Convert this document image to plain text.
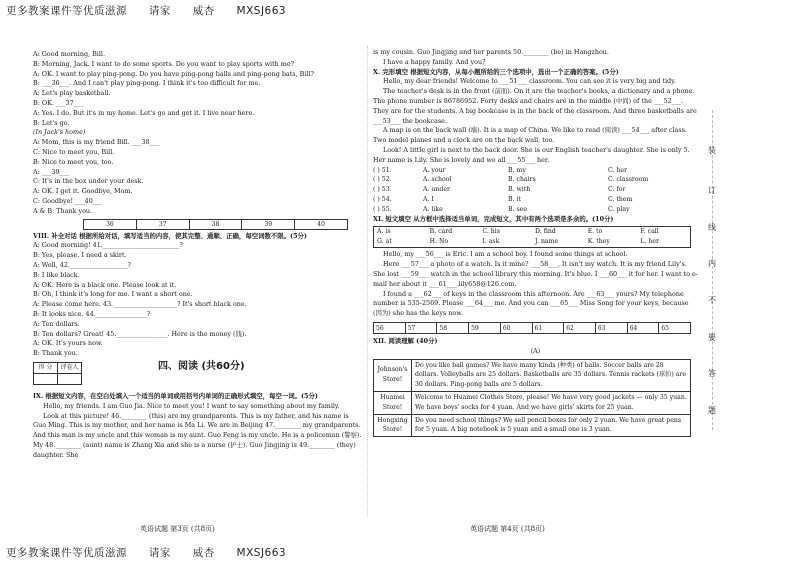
更多教案课件等优质滋源 请家 威杏 MXSJ663
A: Good morning, Bill.
B: Morning, Jack. I want to do some sports. Do you want to play sports with me?
A: OK. I want to play ping-pong. Do you have ping-pong balls and ping-pong bats, Bill?
B: ___36___. And I can't play ping-pong. I think it's too difficult for me.
A: Let's play basketball.
B: OK. ___37___
A: Yes. I do. But it's in my home. Let's go and get it. I live near here.
B: Let's go.
(In Jack's home)
A: Mom, this is my friend Bill. ___38___
C: Nice to meet you, Bill.
B: Nice to meet you, too.
A: ___39___
C: It's in the box under your desk.
A: OK. I get it. Goodbye, Mom.
C: Goodbye! ___40___
A & B: Thank you.
36	37	38	39	40
VIII. 补全对话 根据所给对话，填写适当的内容，使其完整、通顺、正确，每空词数不限。(5分)
A: Good morning! 41.________________________?
B: Yes, please. I need a skirt.
A: Well, 42.__________________?
B: I like black.
A: OK. Here is a black one. Please look at it.
B: Oh, I think it's long for me. I want a short one.
A: Please come here. 43.____________________? It's short black one.
B: It looks nice. 44.________________?
A: Ten dollars.
B: Ten dollars? Great! 45.________________. Here is the money (钱).
A: OK. It's yours now.
B: Thank you.
得 分	评卷人
		四、阅读 (共60分)
IX. 根据短文内容，在空白处填入一个适当的单词或用括号内单词的正确形式填空，每空一词。(5分)
Hello, my friends. I am Guo Jia. Nice to meet you! I want to say something about my family.
Look at this picture! 46.________ (this) are my grandparents. This is my father, and his name is Guo Ming. This is my mother, and her name is Ma Li. We are in Beijing 47.________ my grandparents. And this man is my uncle and this woman is my aunt. Guo Feng is my uncle. He is a policeman (警察). My 48.________ (aunt) name is Zhang Xia and she is a nurse (护士). Guo Jingjing is 49.________ (they) daughter. She
is my cousin. Guo Jingjing and her parents 50.________ (be) in Hangzhou.
I have a happy family. And you?
X. 完形填空 根据短文内容，从每小题所给的三个选项中，选出一个正确的答案。(5分)
Hello, my dear friends! Welcome to ___51___ classroom. You can see it is very big and tidy.
The teacher's desk is in the front (前面). On it are the teacher's books, a dictionary and a phone. The phone number is 86786952. Forty desks and chairs are in the middle (中间) of the ___52___. They are for the students. A big bookcase is in the back of the classroom. And three basketballs are ___53___ the bookcase.
A map is on the back wall (墙). It is a map of China. We like to read (阅读) ___54___ after class. Two model planes and a clock are on the back wall, too.
Look! A little girl is next to the back door. She is our English teacher's daughter. She is only 5. Her name is Lily. She is lovely and we all ___55___ her.
( ) 51.	A. your	B. my	C. her
( ) 52.	A. school	B. chairs	C. classroom
( ) 53.	A. under	B. with	C. for
( ) 54.	A. I	B. it	C. them
( ) 55.	A. like	B. see	C. play
XI. 短文填空 从方框中选择适当单词，完成短文，其中有两个选项是多余的。(10分)
A. is	B. card	C. his	D. find	E. to	F. call
G. at	H. No	I. ask	J. name	K. they	L. her
Hello, my ___56___ is Eric. I am a school boy. I found some things at school.
Here ___57___ a photo of a watch. Is it mine? ___58___, It isn't my watch. It is my friend Lily's. She lost ___59___ watch in the school library this morning. It's blue. I ___60___ it for her. I want to e-mail her about it ___61___ lily658@126.com.
I found a ___62___ of keys in the classroom this afternoon. Are ___63___ yours? My telephone number is 535-2569. Please ___64___ me. And you can ___65___ Miss Song for your keys, because (因为) she has the keys now.
56	57	58	59	60	61	62	63	64	65
XII. 阅读理解 (40分)
(A)
Johnson's Store!	Do you like ball games? We have many kinds (种类) of balls. Soccer balls are 28 dollars. Volleyballs are 25 dollars. Basketballs are 35 dollars. Tennis rackets (球拍) are 30 dollars. Ping-pong balls are 5 dollars.
Huamei Store!	Welcome to Huamei Clothes Store, please! We have very good jackets — only 35 yuan. We have boys' socks for 4 yuan. And we have girls' skirts for 25 yuan.
Hongxing Store!	Do you need school things? We sell pencil boxes for only 2 yuan. We have great pens for 5 yuan. A big notebook is 5 yuan and a small one is 3 yuan.
装
订
线
内
不
要
答
题
英语试题 第3页 (共8页)	英语试题 第4页 (共8页)
更多教案课件等优质滋源 请家 威杏 MXSJ663
